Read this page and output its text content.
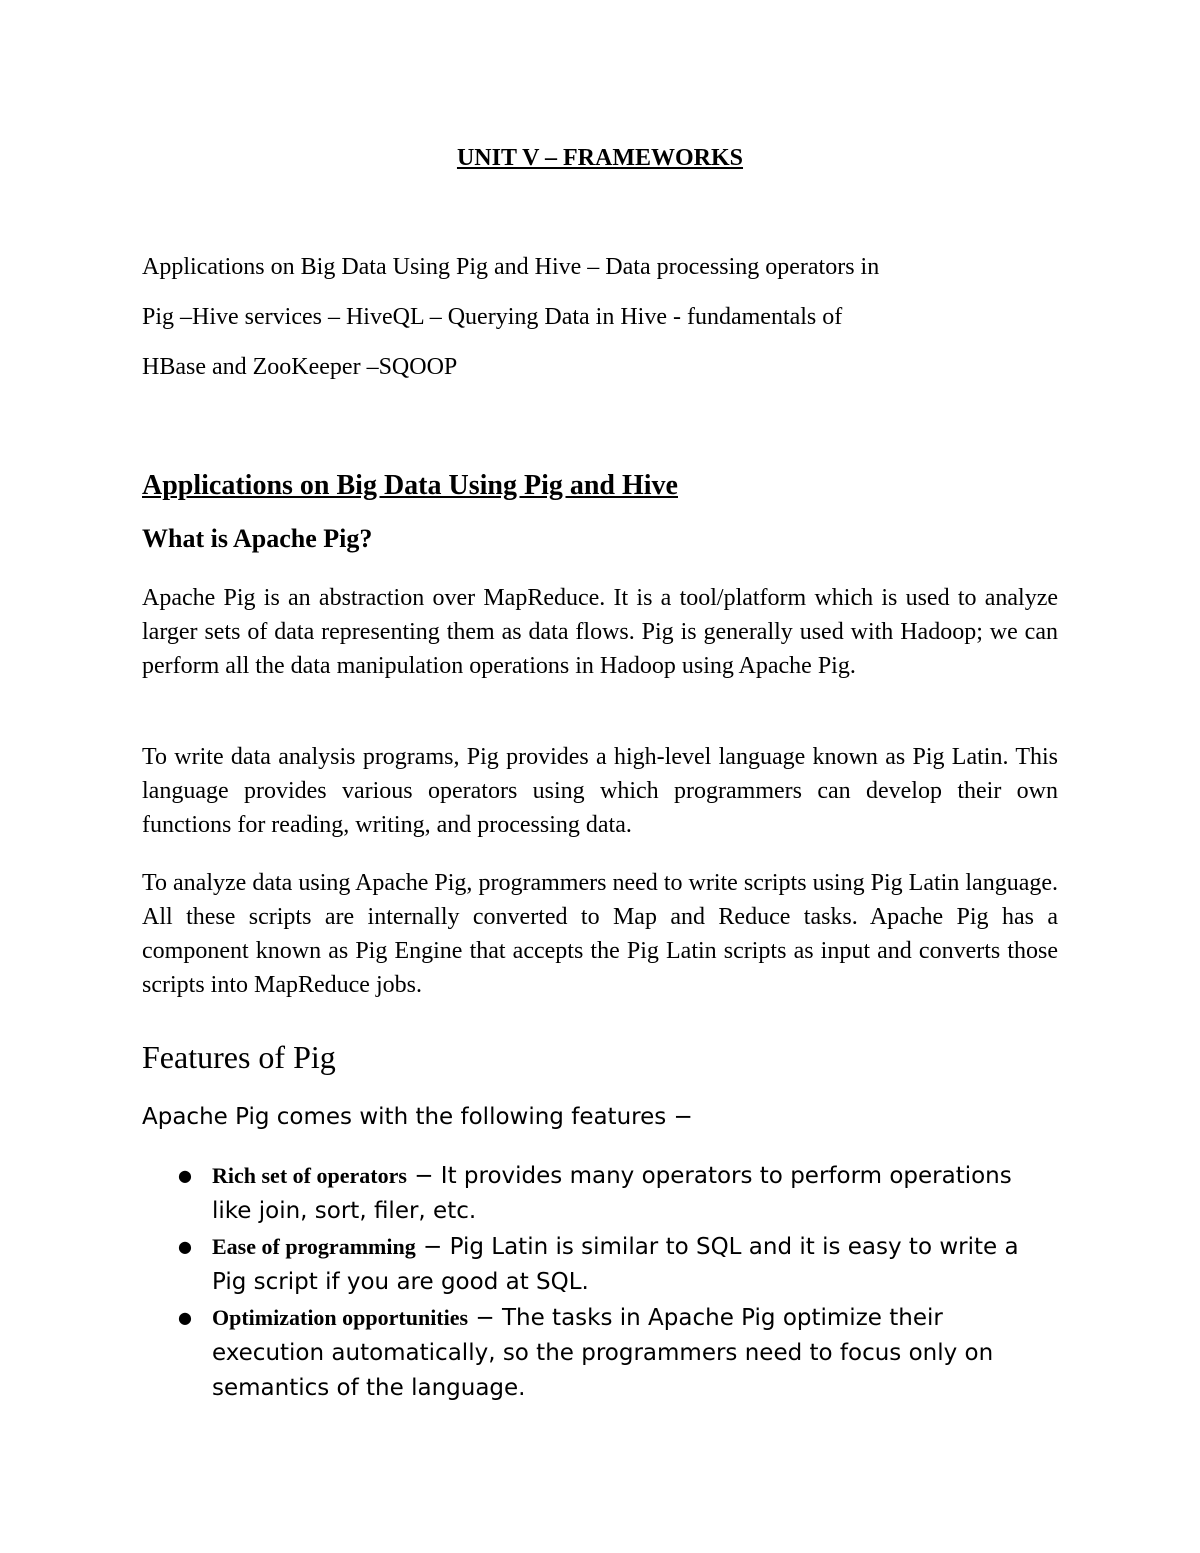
UNIT V – FRAMEWORKS
Applications on Big Data Using Pig and Hive – Data processing operators in
Pig –Hive services – HiveQL – Querying Data in Hive - fundamentals of
HBase and ZooKeeper –SQOOP
Applications on Big Data Using Pig and Hive
What is Apache Pig?

Apache Pig is an abstraction over MapReduce. It is a tool/platform which is used to analyze larger sets of data representing them as data flows. Pig is generally used with Hadoop; we can perform all the data manipulation operations in Hadoop using Apache Pig.

To write data analysis programs, Pig provides a high-level language known as Pig Latin. This language provides various operators using which programmers can develop their own functions for reading, writing, and processing data.

To analyze data using Apache Pig, programmers need to write scripts using Pig Latin language. All these scripts are internally converted to Map and Reduce tasks. Apache Pig has a component known as Pig Engine that accepts the Pig Latin scripts as input and converts those scripts into MapReduce jobs.

Features of Pig
Apache Pig comes with the following features −
● Rich set of operators − It provides many operators to perform operations like join, sort, filer, etc.
● Ease of programming − Pig Latin is similar to SQL and it is easy to write a Pig script if you are good at SQL.
● Optimization opportunities − The tasks in Apache Pig optimize their execution automatically, so the programmers need to focus only on semantics of the language.
